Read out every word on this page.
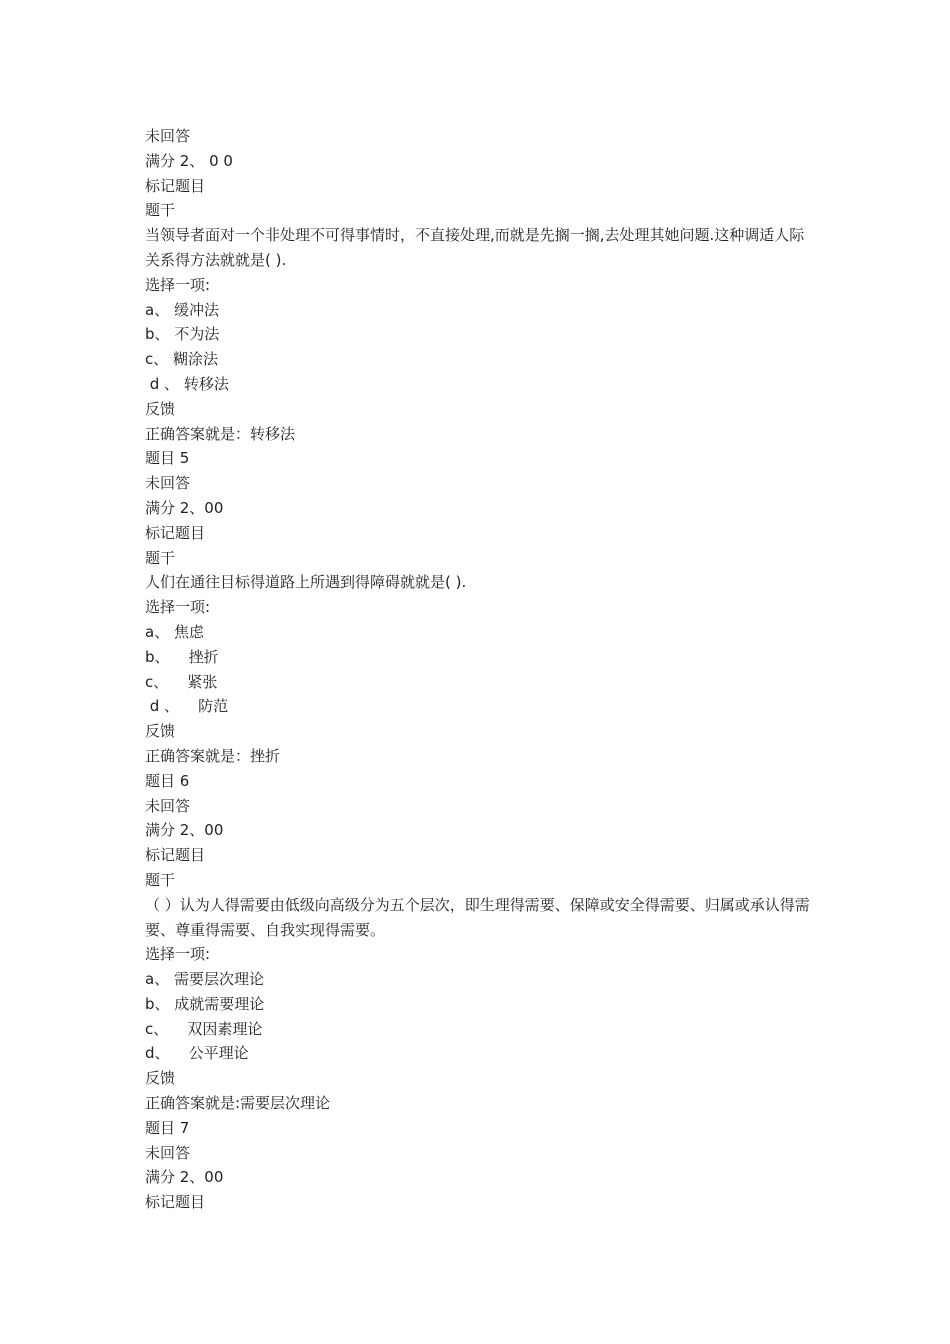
未回答
满分 2、 0 0
标记题目
题干
当领导者面对一个非处理不可得事情时，不直接处理,而就是先搁一搁,去处理其她问题.这种调适人际关系得方法就就是( ).
选择一项:
a、 缓冲法
b、 不为法
c、 糊涂法
d 、 转移法
反馈
正确答案就是：转移法
题目 5
未回答
满分 2、00
标记题目
题干
人们在通往目标得道路上所遇到得障碍就就是( ).
选择一项:
a、 焦虑
b、    挫折
c、    紧张
d 、    防范
反馈
正确答案就是：挫折
题目 6
未回答
满分 2、00
标记题目
题干
（ ）认为人得需要由低级向高级分为五个层次，即生理得需要、保障或安全得需要、归属或承认得需要、尊重得需要、自我实现得需要。
选择一项:
a、 需要层次理论
b、 成就需要理论
c、    双因素理论
d、    公平理论
反馈
正确答案就是:需要层次理论
题目 7
未回答
满分 2、00
标记题目
